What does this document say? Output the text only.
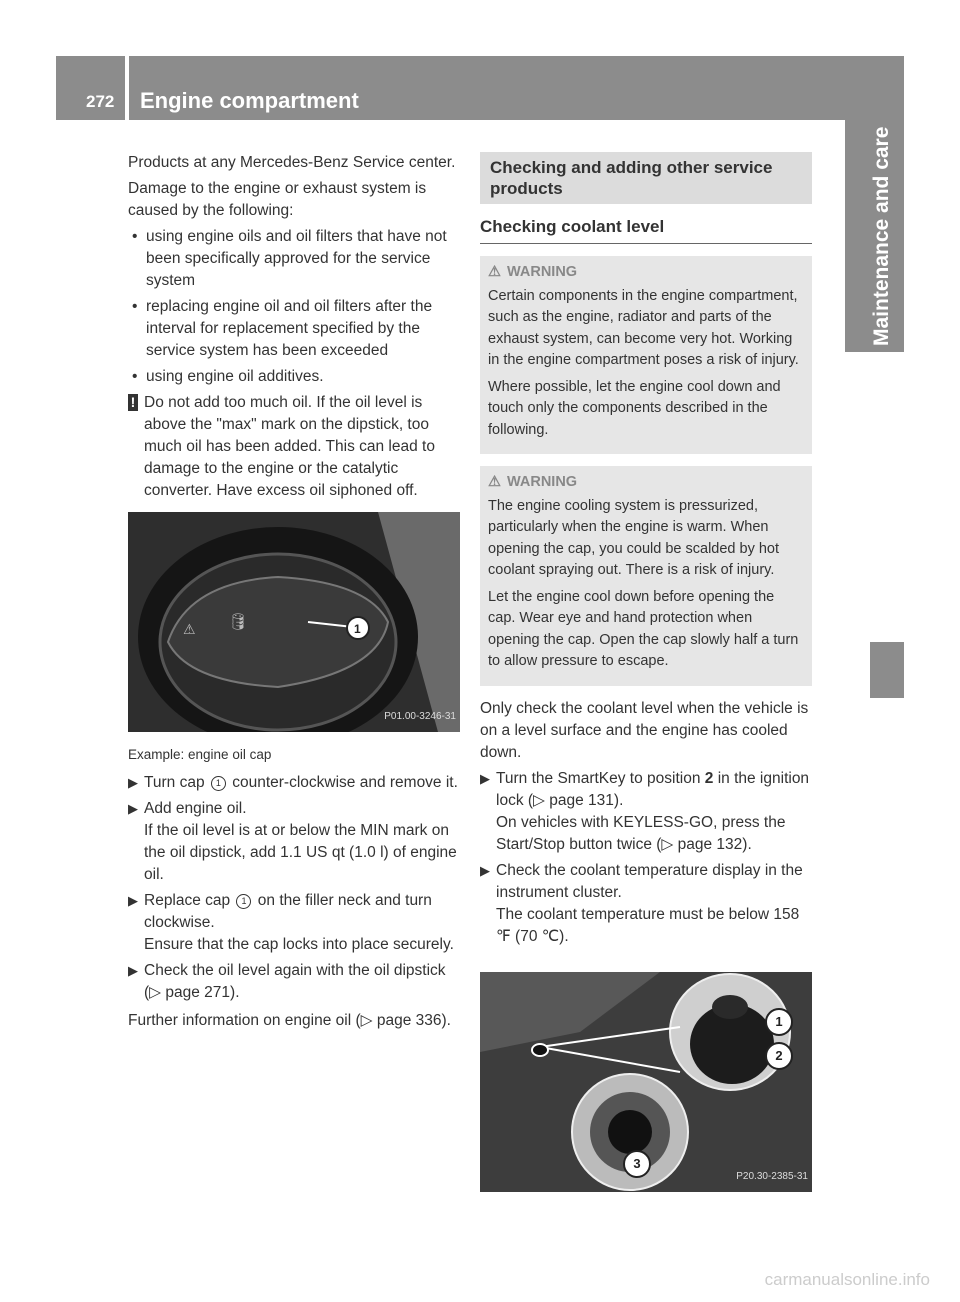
272 Engine compartment
Maintenance and care

Products at any Mercedes-Benz Service center.

Damage to the engine or exhaust system is caused by the following:

• using engine oils and oil filters that have not been specifically approved for the service system
• replacing engine oil and oil filters after the interval for replacement specified by the service system has been exceeded
• using engine oil additives.
! Do not add too much oil. If the oil level is above the "max" mark on the dipstick, too much oil has been added. This can lead to damage to the engine or the catalytic converter. Have excess oil siphoned off.
⚠ 🛢	1
P01.00-3246-31

Example: engine oil cap

▶ Turn cap 1 counter-clockwise and remove it.
▶ Add engine oil.
If the oil level is at or below the MIN mark on the oil dipstick, add 1.1 US qt (1.0 l) of engine oil.
▶ Replace cap 1 on the filler neck and turn clockwise.
Ensure that the cap locks into place securely.
▶ Check the oil level again with the oil dipstick (▷ page 271).

Further information on engine oil (▷ page 336).

Checking and adding other service products
Checking coolant level
⚠ WARNING

Certain components in the engine compartment, such as the engine, radiator and parts of the exhaust system, can become very hot. Working in the engine compartment poses a risk of injury.

Where possible, let the engine cool down and touch only the components described in the following.

⚠ WARNING

The engine cooling system is pressurized, particularly when the engine is warm. When opening the cap, you could be scalded by hot coolant spraying out. There is a risk of injury.

Let the engine cool down before opening the cap. Wear eye and hand protection when opening the cap. Open the cap slowly half a turn to allow pressure to escape.

Only check the coolant level when the vehicle is on a level surface and the engine has cooled down.

▶ Turn the SmartKey to position 2 in the ignition lock (▷ page 131).
On vehicles with KEYLESS-GO, press the Start/Stop button twice (▷ page 132).
▶ Check the coolant temperature display in the instrument cluster.
The coolant temperature must be below 158 ℉ (70 ℃).
1
2
3
P20.30-2385-31
carmanualsonline.info
